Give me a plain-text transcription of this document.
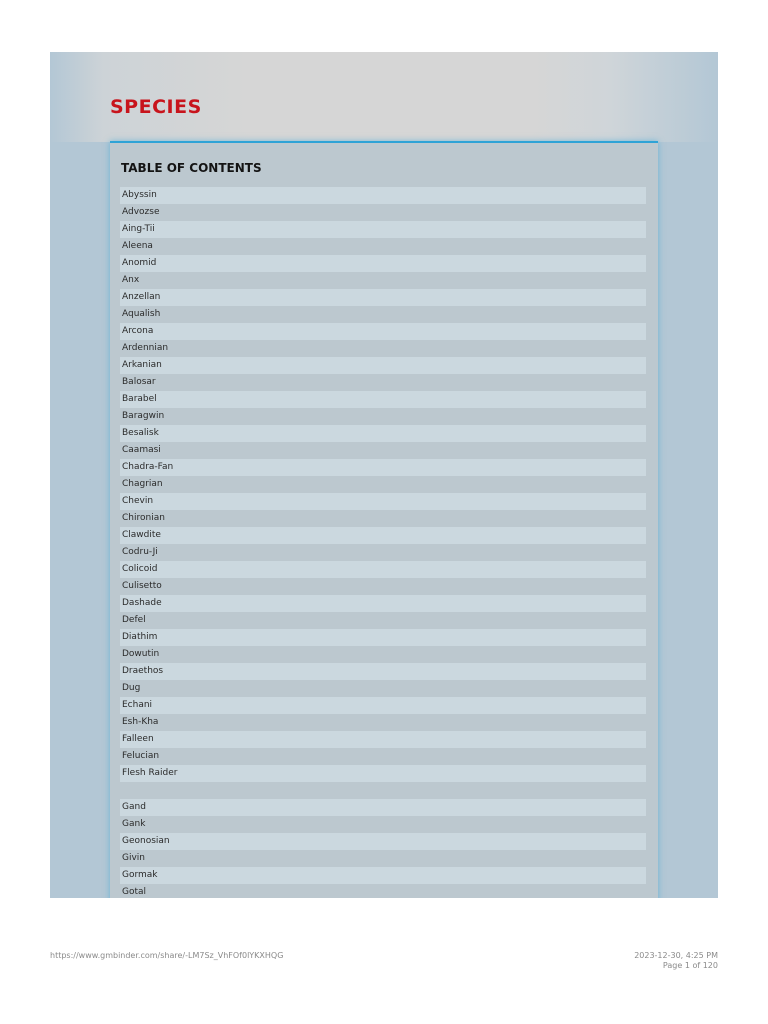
SPECIES
TABLE OF CONTENTS
Abyssin
Advozse
Aing-Tii
Aleena
Anomid
Anx
Anzellan
Aqualish
Arcona
Ardennian
Arkanian
Balosar
Barabel
Baragwin
Besalisk
Caamasi
Chadra-Fan
Chagrian
Chevin
Chironian
Clawdite
Codru-Ji
Colicoid
Culisetto
Dashade
Defel
Diathim
Dowutin
Draethos
Dug
Echani
Esh-Kha
Falleen
Felucian
Flesh Raider
Gand
Gank
Geonosian
Givin
Gormak
Gotal
https://www.gmbinder.com/share/-LM7Sz_VhFOf0lYKXHQG	2023-12-30, 4:25 PM
Page 1 of 120
